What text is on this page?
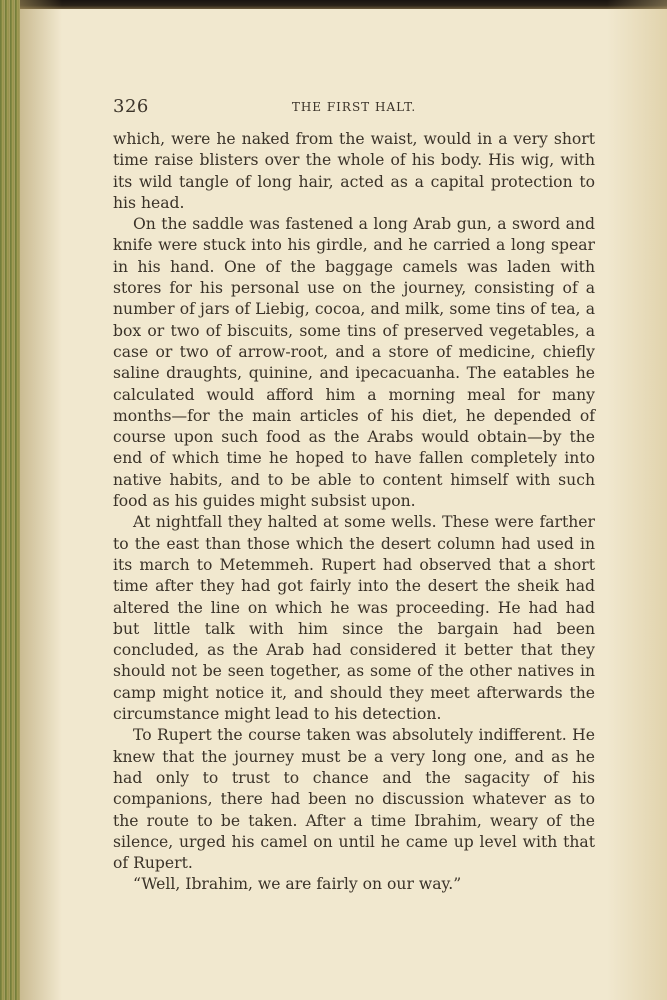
326	THE FIRST HALT.

which, were he naked from the waist, would in a very short time raise blisters over the whole of his body. His wig, with its wild tangle of long hair, acted as a capital protection to his head.

On the saddle was fastened a long Arab gun, a sword and knife were stuck into his girdle, and he carried a long spear in his hand. One of the baggage camels was laden with stores for his personal use on the journey, consisting of a number of jars of Liebig, cocoa, and milk, some tins of tea, a box or two of biscuits, some tins of preserved vegetables, a case or two of arrow-root, and a store of medicine, chiefly saline draughts, quinine, and ipecacuanha. The eatables he calculated would afford him a morning meal for many months—for the main articles of his diet, he depended of course upon such food as the Arabs would obtain—by the end of which time he hoped to have fallen completely into native habits, and to be able to content himself with such food as his guides might subsist upon.

At nightfall they halted at some wells. These were farther to the east than those which the desert column had used in its march to Metemmeh. Rupert had observed that a short time after they had got fairly into the desert the sheik had altered the line on which he was proceeding. He had had but little talk with him since the bargain had been concluded, as the Arab had considered it better that they should not be seen together, as some of the other natives in camp might notice it, and should they meet afterwards the circumstance might lead to his detection.

To Rupert the course taken was absolutely indifferent. He knew that the journey must be a very long one, and as he had only to trust to chance and the sagacity of his companions, there had been no discussion whatever as to the route to be taken. After a time Ibrahim, weary of the silence, urged his camel on until he came up level with that of Rupert.

“Well, Ibrahim, we are fairly on our way.”
